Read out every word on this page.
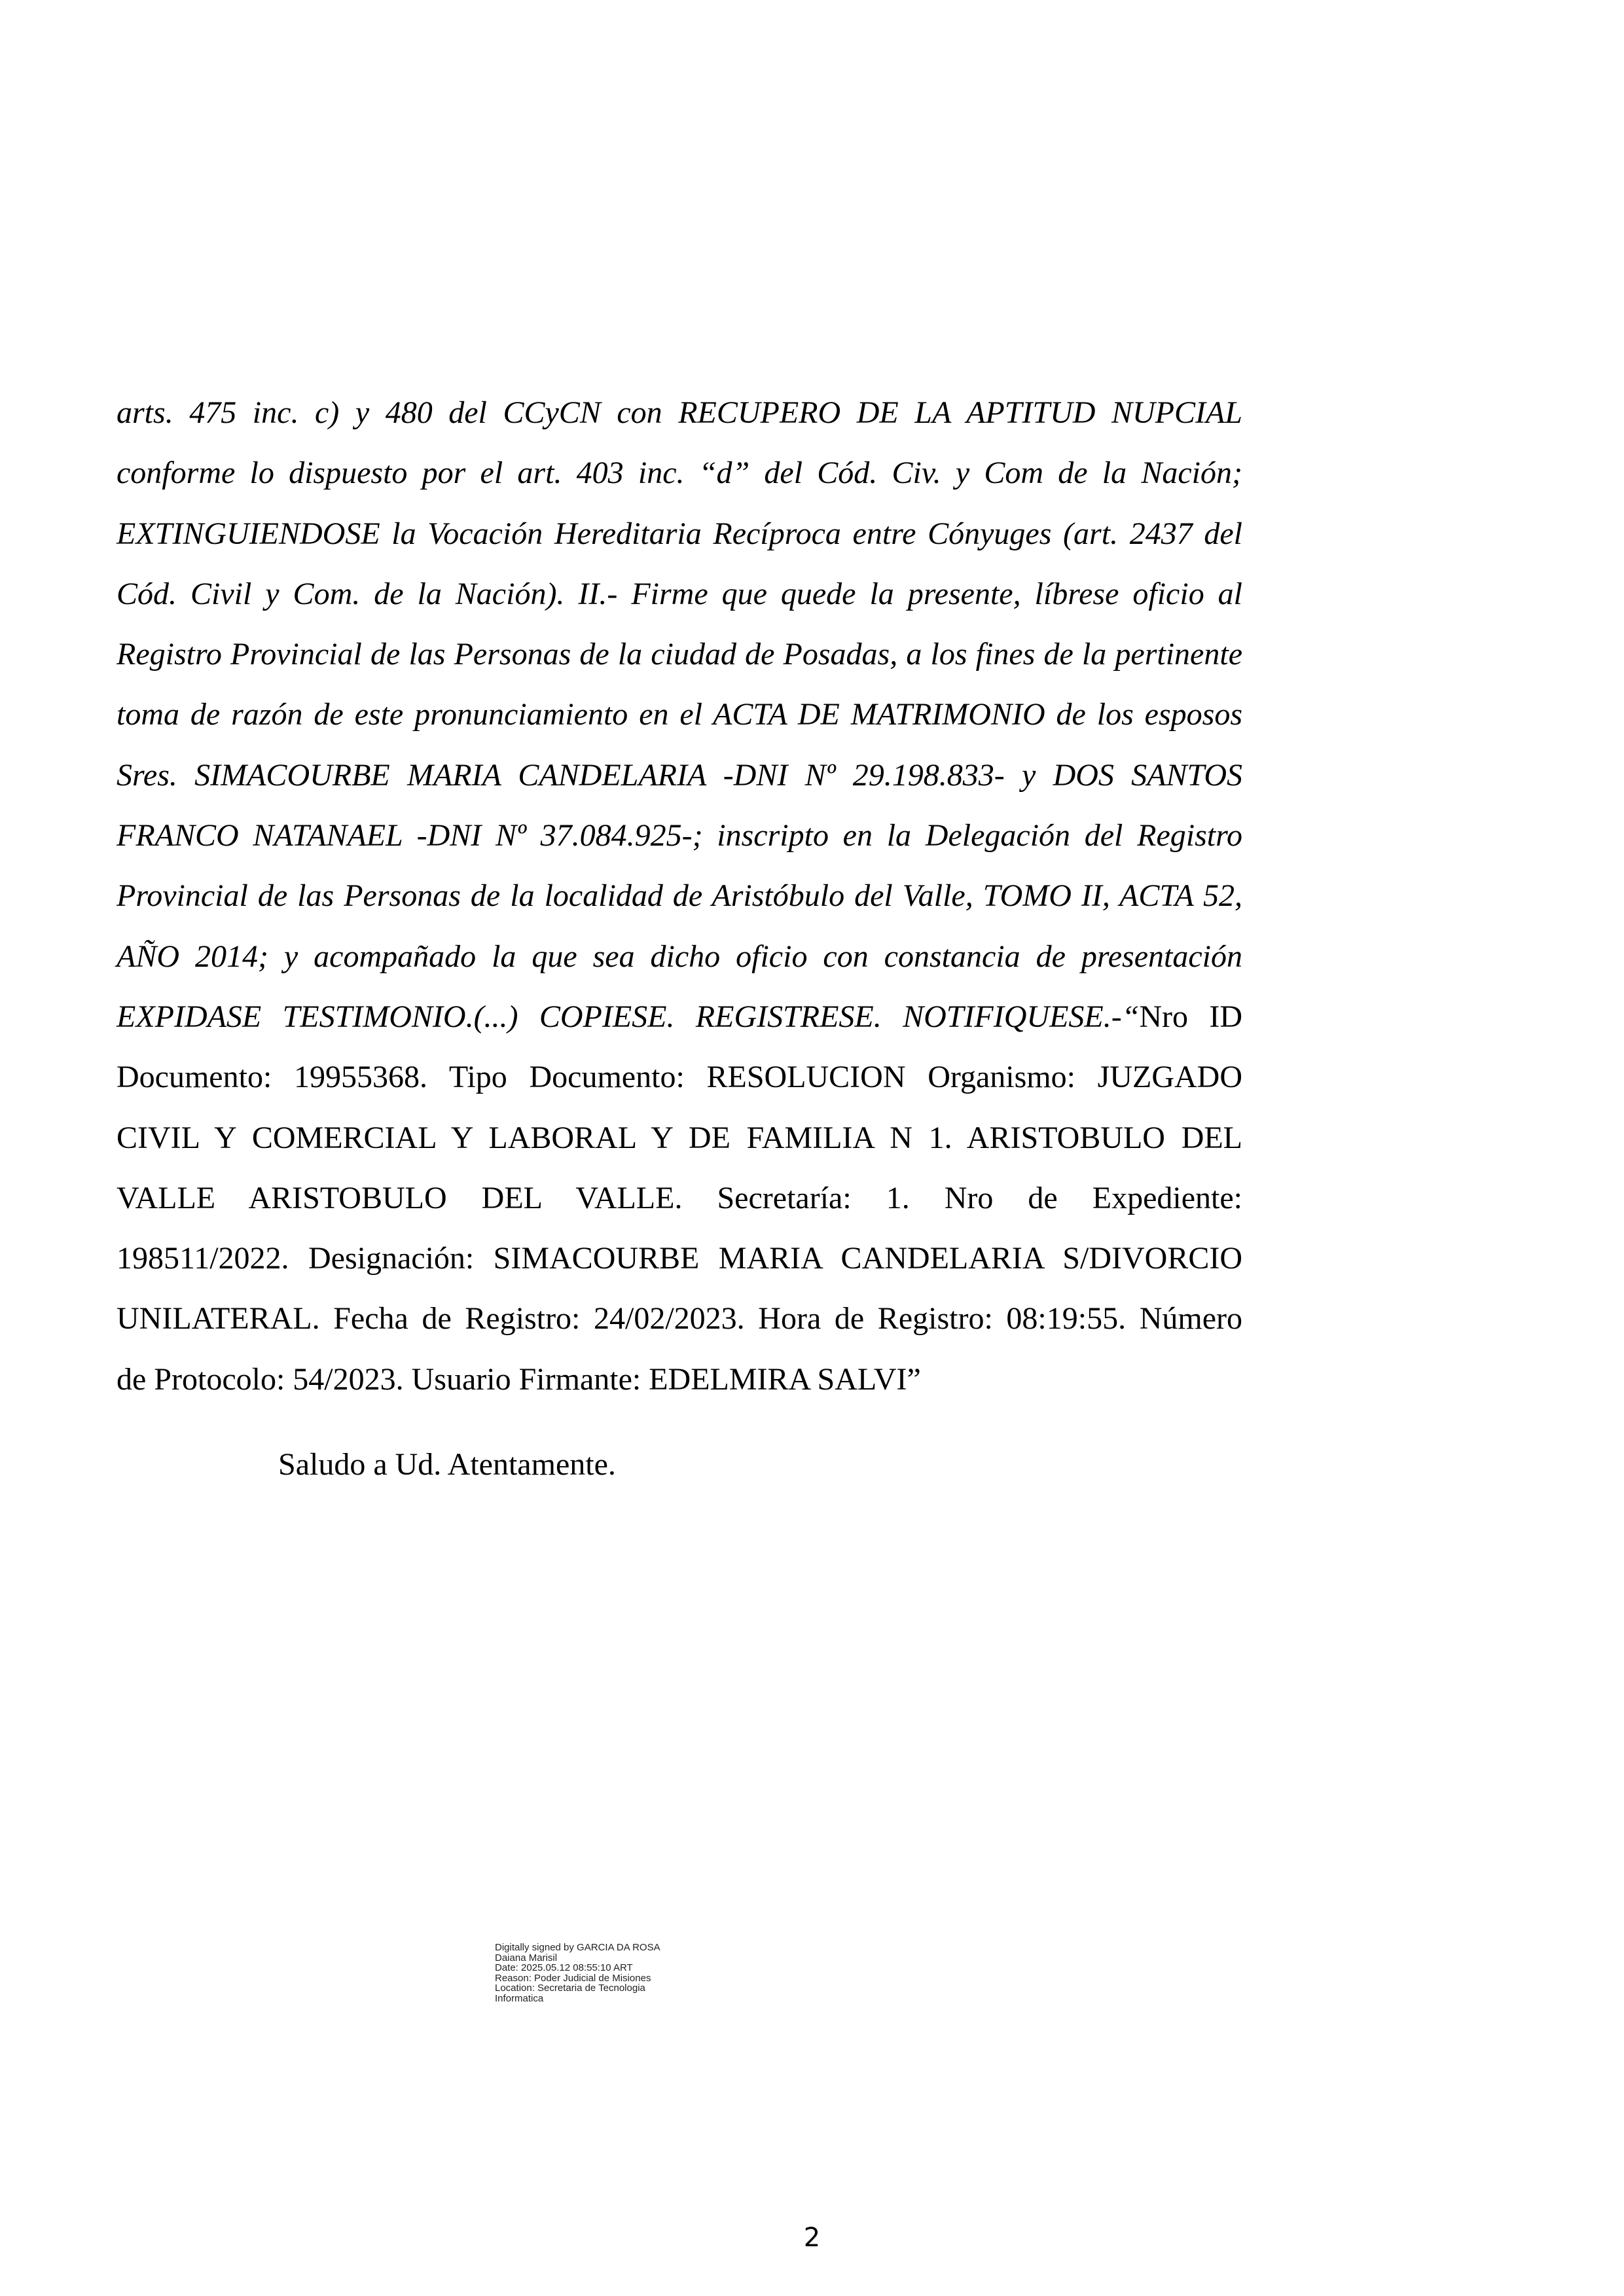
arts. 475 inc. c) y 480 del CCyCN con RECUPERO DE LA APTITUD NUPCIAL
conforme lo dispuesto por el art. 403 inc. “d” del Cód. Civ. y Com de la Nación;
EXTINGUIENDOSE la Vocación Hereditaria Recíproca entre Cónyuges (art. 2437 del
Cód. Civil y Com. de la Nación). II.- Firme que quede la presente, líbrese oficio al
Registro Provincial de las Personas de la ciudad de Posadas, a los fines de la pertinente
toma de razón de este pronunciamiento en el ACTA DE MATRIMONIO de los esposos
Sres. SIMACOURBE MARIA CANDELARIA -DNI Nº 29.198.833- y DOS SANTOS
FRANCO NATANAEL -DNI Nº 37.084.925-; inscripto en la Delegación del Registro
Provincial de las Personas de la localidad de Aristóbulo del Valle, TOMO II, ACTA 52,
AÑO 2014; y acompañado la que sea dicho oficio con constancia de presentación
EXPIDASE TESTIMONIO.(...) COPIESE. REGISTRESE. NOTIFIQUESE.-“Nro ID
Documento: 19955368. Tipo Documento: RESOLUCION Organismo: JUZGADO
CIVIL Y COMERCIAL Y LABORAL Y DE FAMILIA N 1. ARISTOBULO DEL
VALLE ARISTOBULO DEL VALLE. Secretaría: 1. Nro de Expediente:
198511/2022. Designación: SIMACOURBE MARIA CANDELARIA S/DIVORCIO
UNILATERAL. Fecha de Registro: 24/02/2023. Hora de Registro: 08:19:55. Número
de Protocolo: 54/2023. Usuario Firmante: EDELMIRA SALVI”
Saludo a Ud. Atentamente.
Digitally signed by GARCIA DA ROSA
Daiana Marisil
Date: 2025.05.12 08:55:10 ART
Reason: Poder Judicial de Misiones
Location: Secretaria de Tecnologia
Informatica
2
